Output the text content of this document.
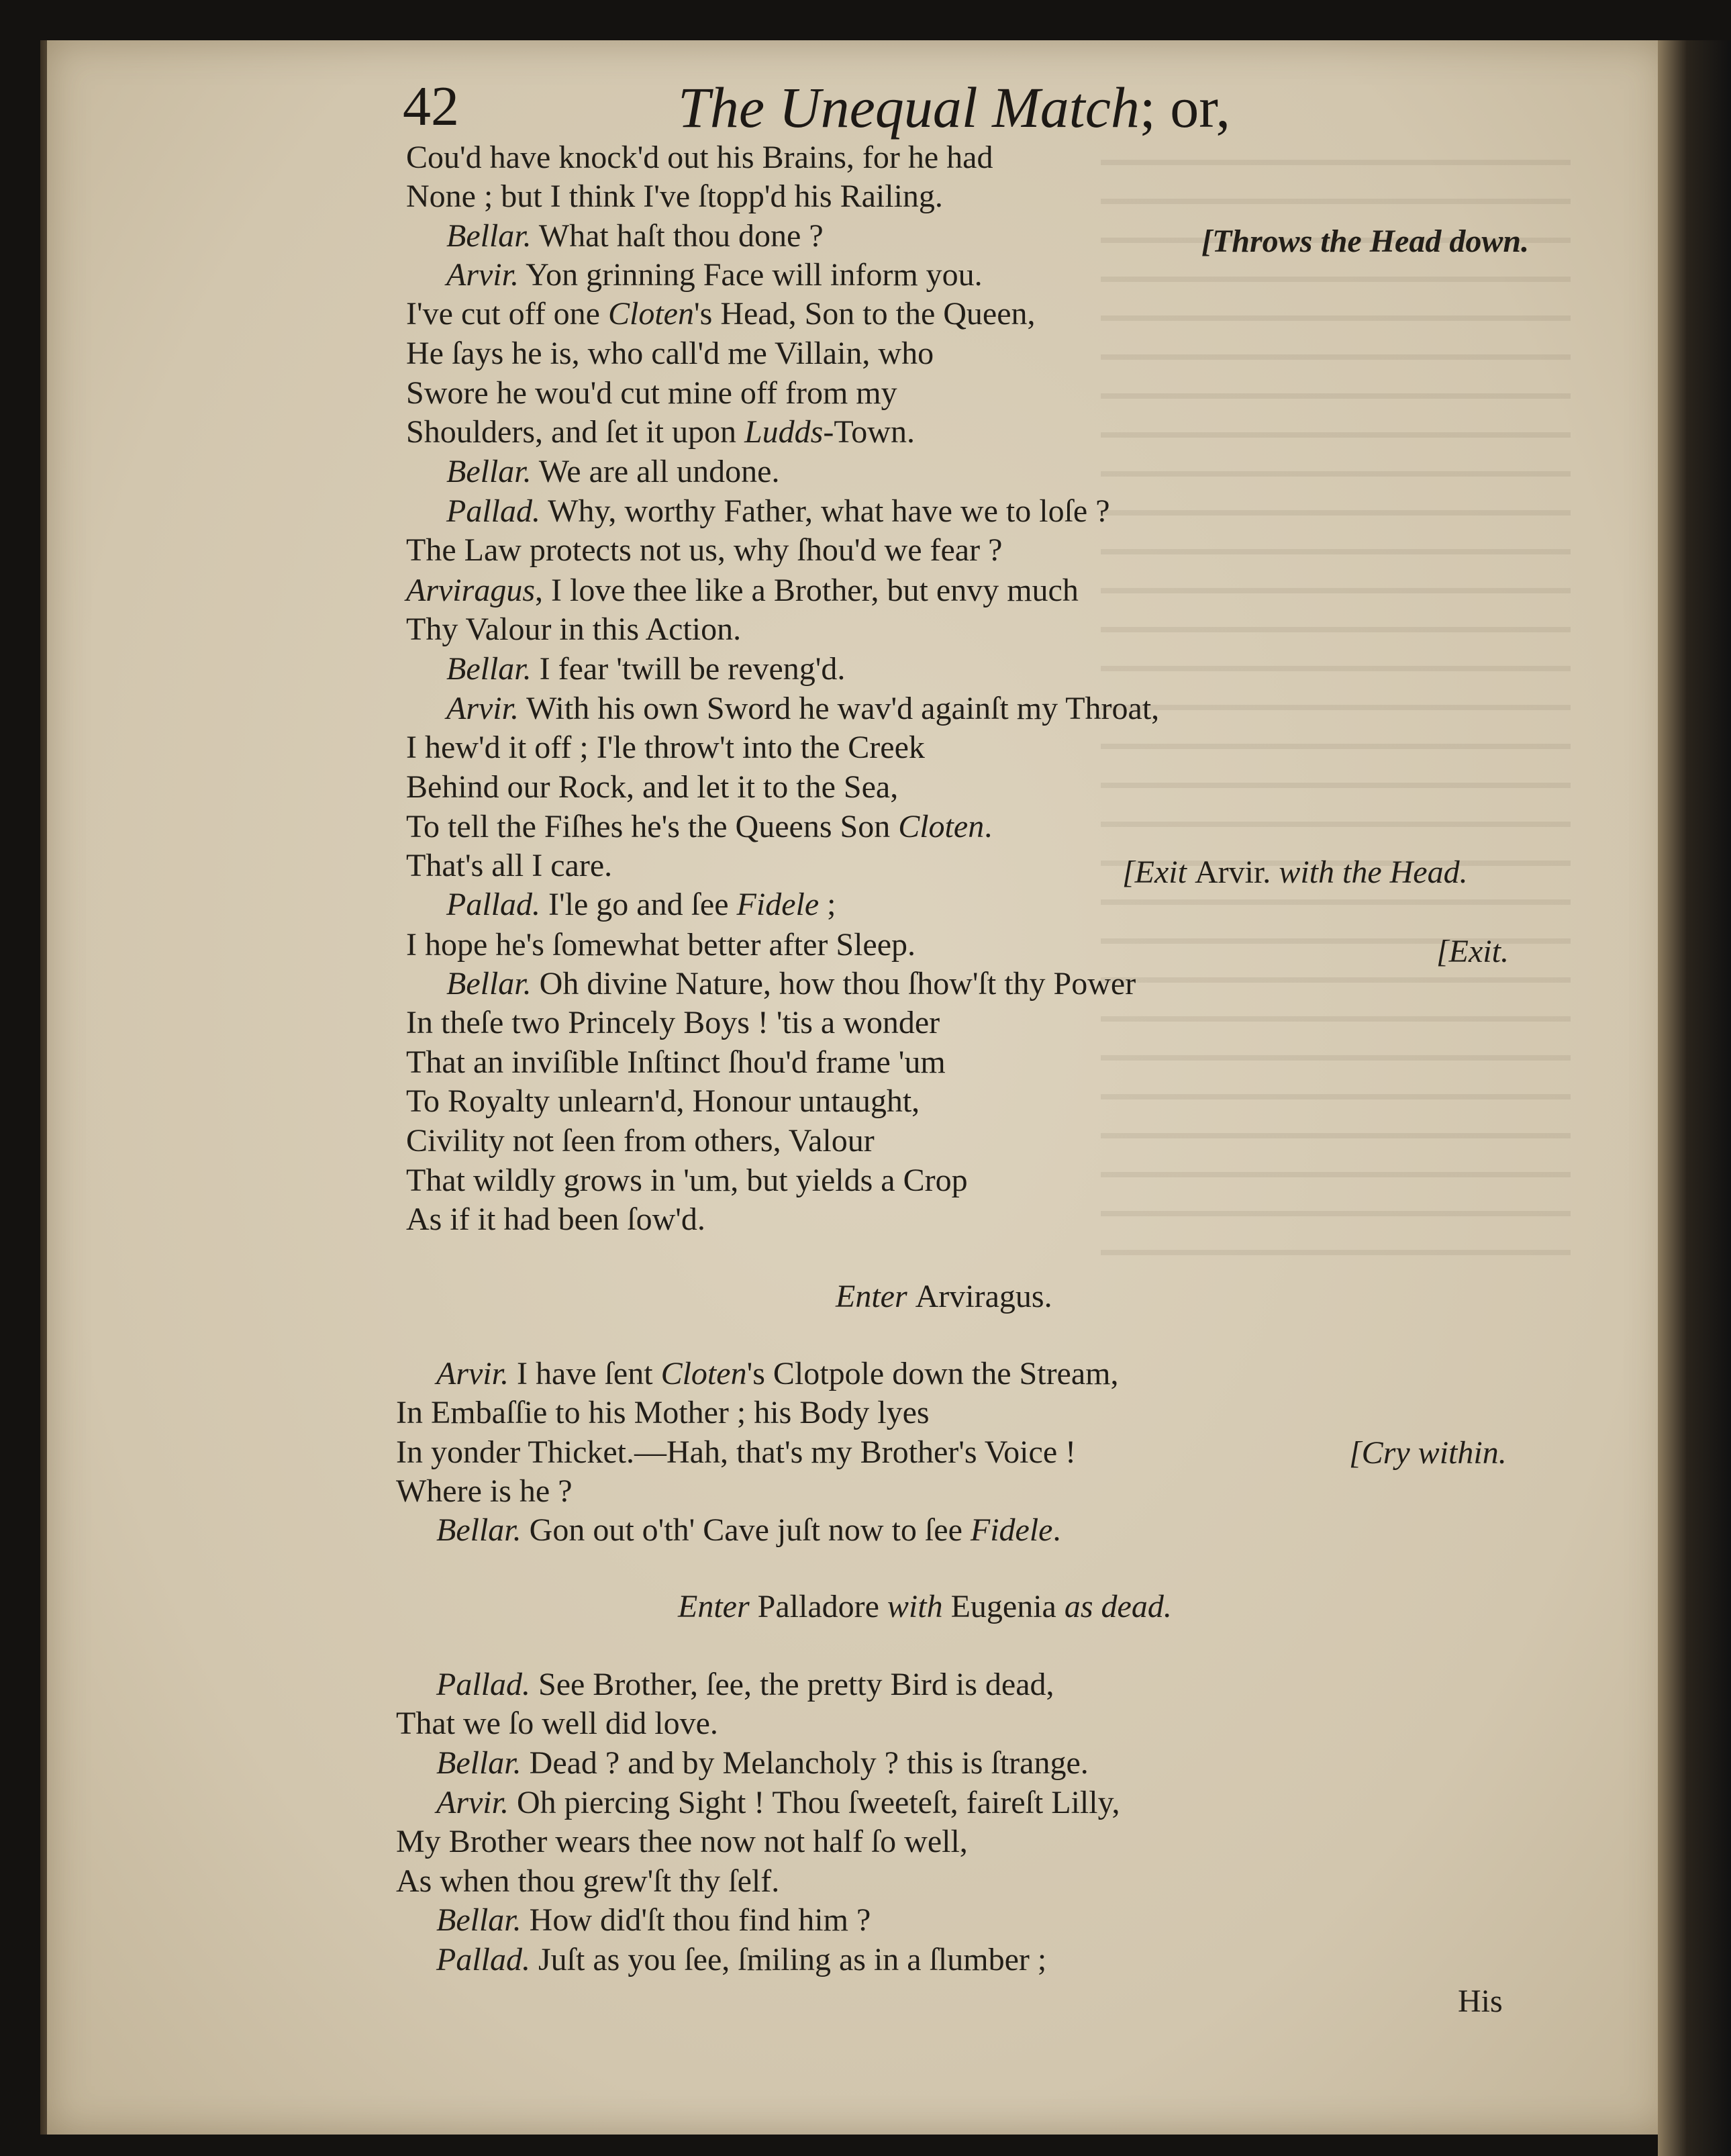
42	The Unequal Match; or,
Cou'd have knock'd out his Brains, for he had
None ; but I think I've ſtopp'd his Railing.
Bellar. What haſt thou done ?
Arvir. Yon grinning Face will inform you.
I've cut off one Cloten's Head, Son to the Queen,
He ſays he is, who call'd me Villain, who
Swore he wou'd cut mine off from my
Shoulders, and ſet it upon Ludds-Town.
Bellar. We are all undone.
Pallad. Why, worthy Father, what have we to loſe ?
The Law protects not us, why ſhou'd we fear ?
Arviragus, I love thee like a Brother, but envy much
Thy Valour in this Action.
Bellar. I fear 'twill be reveng'd.
Arvir. With his own Sword he wav'd againſt my Throat,
I hew'd it off ; I'le throw't into the Creek
Behind our Rock, and let it to the Sea,
To tell the Fiſhes he's the Queens Son Cloten.
That's all I care.
Pallad. I'le go and ſee Fidele ;
I hope he's ſomewhat better after Sleep.
Bellar. Oh divine Nature, how thou ſhow'ſt thy Power
In theſe two Princely Boys ! 'tis a wonder
That an inviſible Inſtinct ſhou'd frame 'um
To Royalty unlearn'd, Honour untaught,
Civility not ſeen from others, Valour
That wildly grows in 'um, but yields a Crop
As if it had been ſow'd.
Arvir. I have ſent Cloten's Clotpole down the Stream,
In Embaſſie to his Mother ; his Body lyes
In yonder Thicket.—Hah, that's my Brother's Voice !
Where is he ?
Bellar. Gon out o'th' Cave juſt now to ſee Fidele.
Pallad. See Brother, ſee, the pretty Bird is dead,
That we ſo well did love.
Bellar. Dead ? and by Melancholy ? this is ſtrange.
Arvir. Oh piercing Sight ! Thou ſweeteſt, faireſt Lilly,
My Brother wears thee now not half ſo well,
As when thou grew'ſt thy ſelf.
Bellar. How did'ſt thou find him ?
Pallad. Juſt as you ſee, ſmiling as in a ſlumber ;
[Throws the Head down.
[Exit Arvir. with the Head.
[Exit.
Enter Arviragus.
[Cry within.
Enter Palladore with Eugenia as dead.
His
